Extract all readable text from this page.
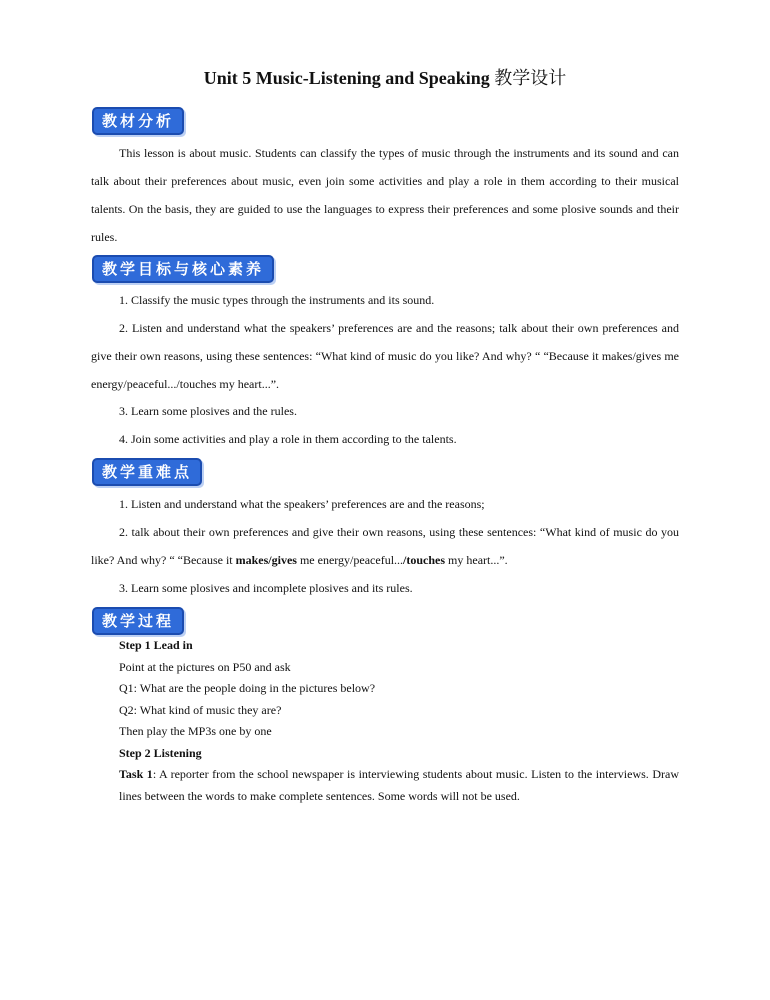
Unit 5 Music-Listening and Speaking 教学设计
教材分析
This lesson is about music. Students can classify the types of music through the instruments and its sound and can talk about their preferences about music, even join some activities and play a role in them according to their musical talents. On the basis, they are guided to use the languages to express their preferences and some plosive sounds and their rules.
教学目标与核心素养
1. Classify the music types through the instruments and its sound.
2. Listen and understand what the speakers’ preferences are and the reasons; talk about their own preferences and give their own reasons, using these sentences: “What kind of music do you like? And why? “ “Because it makes/gives me energy/peaceful.../touches my heart...”.
3. Learn some plosives and the rules.
4. Join some activities and play a role in them according to the talents.
教学重难点
1. Listen and understand what the speakers’ preferences are and the reasons;
2. talk about their own preferences and give their own reasons, using these sentences: “What kind of music do you like? And why? “ “Because it makes/gives me energy/peaceful.../touches my heart...”.
3. Learn some plosives and incomplete plosives and its rules.
教学过程
Step 1 Lead in
Point at the pictures on P50 and ask
Q1: What are the people doing in the pictures below?
Q2: What kind of music they are?
Then play the MP3s one by one
Step 2 Listening
Task 1: A reporter from the school newspaper is interviewing students about music. Listen to the interviews. Draw lines between the words to make complete sentences. Some words will not be used.
